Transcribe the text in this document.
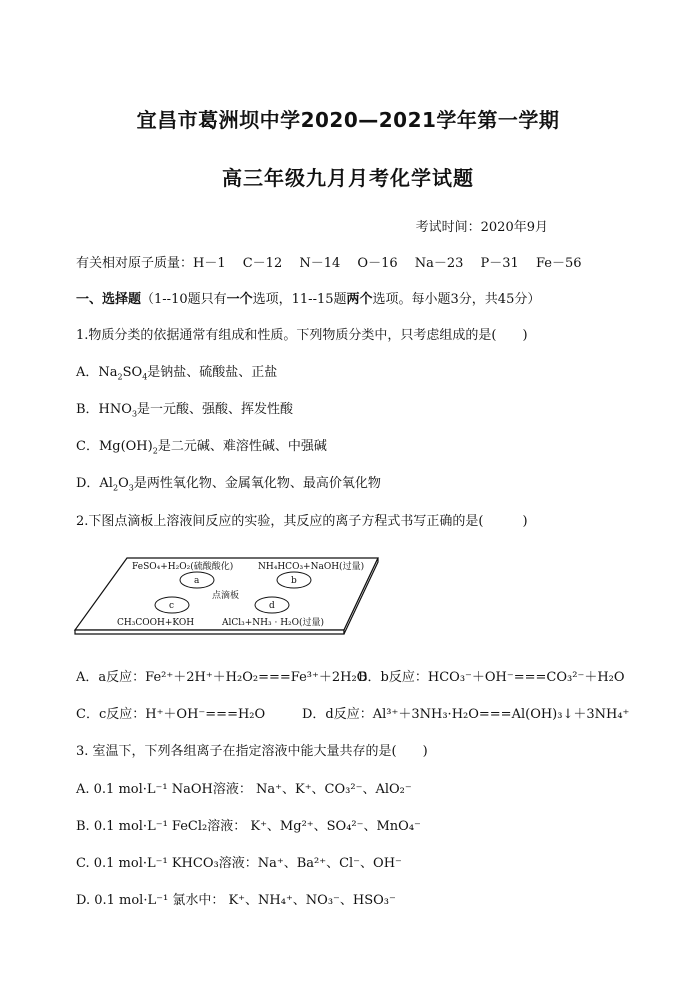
宜昌市葛洲坝中学2020—2021学年第一学期
高三年级九月月考化学试题
考试时间：2020年9月
有关相对原子质量：H－1　 C－12　 N－14　 O－16　 Na－23　 P－31　 Fe－56
一、选择题（1--10题只有一个选项，11--15题两个选项。每小题3分，共45分）
1.物质分类的依据通常有组成和性质。下列物质分类中，只考虑组成的是(　　)
A．$Na_2SO_4$是钠盐、硫酸盐、正盐
B．$HNO_3$是一元酸、强酸、挥发性酸
C．$Mg(OH)_2$是二元碱、难溶性碱、中强碱
D．$Al_2O_3$是两性氧化物、金属氧化物、最高价氧化物
2.下图点滴板上溶液间反应的实验，其反应的离子方程式书写正确的是(　　　)
FeSO₄+H₂O₂(硫酸酸化)	NH₄HCO₃+NaOH(过量)
a	b
点滴板
c	d
CH₃COOH+KOH	AlCl₃+NH₃ · H₂O(过量)
A．a反应：Fe²⁺＋2H⁺＋H₂O₂===Fe³⁺＋2H₂O
B．b反应：HCO₃⁻＋OH⁻===CO₃²⁻＋H₂O
C．c反应：H⁺＋OH⁻===H₂O	D．d反应：Al³⁺＋3NH₃·H₂O===Al(OH)₃↓＋3NH₄⁺
3. 室温下，下列各组离子在指定溶液中能大量共存的是(　　)
A. 0.1 mol·L⁻¹ NaOH溶液： Na⁺、K⁺、CO₃²⁻、AlO₂⁻
B. 0.1 mol·L⁻¹ FeCl₂溶液： K⁺、Mg²⁺、SO₄²⁻、MnO₄⁻
C. 0.1 mol·L⁻¹ KHCO₃溶液：Na⁺、Ba²⁺、Cl⁻、OH⁻
D. 0.1 mol·L⁻¹ 氯水中： K⁺、NH₄⁺、NO₃⁻、HSO₃⁻
